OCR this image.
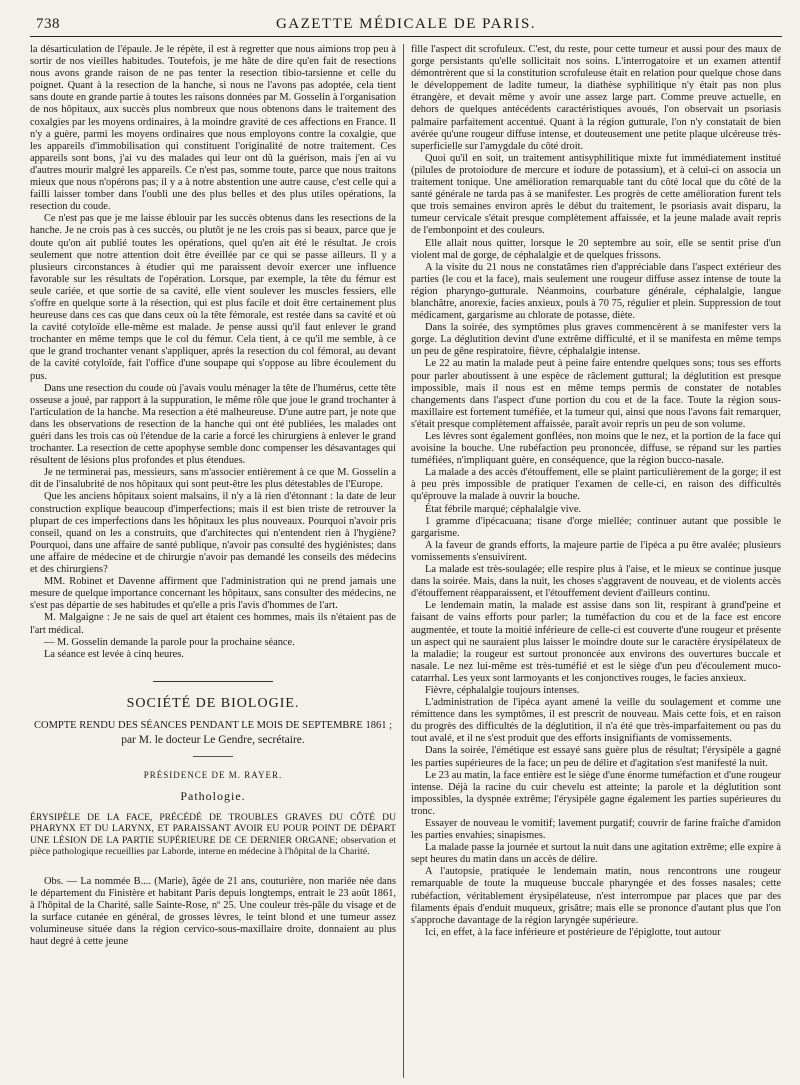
738	GAZETTE MÉDICALE DE PARIS.

la désarticulation de l'épaule. Je le répète, il est à regretter que nous aimions trop peu à sortir de nos vieilles habitudes. Toutefois, je me hâte de dire qu'en fait de resections nous avons grande raison de ne pas tenter la resection tibio-tarsienne et celle du poignet. Quant à la resection de la hanche, si nous ne l'avons pas adoptée, cela tient sans doute en grande partie à toutes les raisons données par M. Gosselin à l'organisation de nos hôpitaux, aux succès plus nombreux que nous obtenons dans le traitement des coxalgies par les moyens ordinaires, à la moindre gravité de ces affections en France. Il n'y a guère, parmi les moyens ordinaires que nous employons contre la coxalgie, que les appareils d'immobilisation qui constituent l'originalité de notre traitement. Ces appareils sont bons, j'ai vu des malades qui leur ont dû la guérison, mais j'en ai vu d'autres mourir malgré les appareils. Ce n'est pas, somme toute, parce que nous traitons mieux que nous n'opérons pas; il y a à notre abstention une autre cause, c'est celle qui a failli laisser tomber dans l'oubli une des plus belles et des plus utiles opérations, la resection du coude.

Ce n'est pas que je me laisse éblouir par les succès obtenus dans les resections de la hanche. Je ne crois pas à ces succès, ou plutôt je ne les crois pas si beaux, parce que je doute qu'on ait publié toutes les opérations, quel qu'en ait été le résultat. Je crois seulement que notre attention doit être éveillée par ce qui se passe ailleurs. Il y a plusieurs circonstances à étudier qui me paraissent devoir exercer une influence favorable sur les résultats de l'opération. Lorsque, par exemple, la tête du fémur est seule cariée, et que sortie de sa cavité, elle vient soulever les muscles fessiers, elle s'offre en quelque sorte à la résection, qui est plus facile et doit être certainement plus heureuse dans ces cas que dans ceux où la tête fémorale, est restée dans sa cavité et où la cavité cotyloïde elle-même est malade. Je pense aussi qu'il faut enlever le grand trochanter en même temps que le col du fémur. Cela tient, à ce qu'il me semble, à ce que le grand trochanter venant s'appliquer, après la resection du col fémoral, au devant de la cavité cotyloïde, fait l'office d'une soupape qui s'oppose au libre écoulement du pus.

Dans une resection du coude où j'avais voulu ménager la tête de l'humérus, cette tête osseuse a joué, par rapport à la suppuration, le même rôle que joue le grand trochanter à l'articulation de la hanche. Ma resection a été malheureuse. D'une autre part, je note que dans les observations de resection de la hanche qui ont été publiées, les malades ont guéri dans les trois cas où l'étendue de la carie a forcé les chirurgiens à enlever le grand trochanter. La resection de cette apophyse semble donc compenser les désavantages qui résultent de lésions plus profondes et plus étendues.

Je ne terminerai pas, messieurs, sans m'associer entièrement à ce que M. Gosselin a dit de l'insalubrité de nos hôpitaux qui sont peut-être les plus détestables de l'Europe.

Que les anciens hôpitaux soient malsains, il n'y a là rien d'étonnant : la date de leur construction explique beaucoup d'imperfections; mais il est bien triste de retrouver la plupart de ces imperfections dans les hôpitaux les plus nouveaux. Pourquoi n'avoir pris conseil, quand on les a construits, que d'architectes qui n'entendent rien à l'hygiène? Pourquoi, dans une affaire de santé publique, n'avoir pas consulté des hygiénistes; dans une affaire de médecine et de chirurgie n'avoir pas demandé les conseils des médecins et des chirurgiens?

MM. Robinet et Davenne affirment que l'administration qui ne prend jamais une mesure de quelque importance concernant les hôpitaux, sans consulter des médecins, ne s'est pas départie de ses habitudes et qu'elle a pris l'avis d'hommes de l'art.

M. Malgaigne : Je ne sais de quel art étaient ces hommes, mais ils n'étaient pas de l'art médical.

— M. Gosselin demande la parole pour la prochaine séance.

La séance est levée à cinq heures.

SOCIÉTÉ DE BIOLOGIE.

COMPTE RENDU DES SÉANCES PENDANT LE MOIS DE SEPTEMBRE 1861 ;

par M. le docteur Le Gendre, secrétaire.

PRÉSIDENCE DE M. RAYER.

Pathologie.

ÉRYSIPÈLE DE LA FACE, PRÉCÉDÉ DE TROUBLES GRAVES DU CÔTÉ DU PHARYNX ET DU LARYNX, ET PARAISSANT AVOIR EU POUR POINT DE DÉPART UNE LÉSION DE LA PARTIE SUPÉRIEURE DE CE DERNIER ORGANE; observation et pièce pathologique recueillies par Laborde, interne en médecine à l'hôpital de la Charité.

Obs. — La nommée B.... (Marie), âgée de 21 ans, couturière, non mariée née dans le département du Finistère et habitant Paris depuis longtemps, entrait le 23 août 1861, à l'hôpital de la Charité, salle Sainte-Rose, nº 25. Une couleur très-pâle du visage et de la surface cutanée en général, de grosses lèvres, le teint blond et une tumeur assez volumineuse située dans la région cervico-sous-maxillaire droite, donnaient au plus haut degré à cette jeune

fille l'aspect dit scrofuleux. C'est, du reste, pour cette tumeur et aussi pour des maux de gorge persistants qu'elle sollicitait nos soins. L'interrogatoire et un examen attentif démontrèrent que si la constitution scrofuleuse était en relation pour quelque chose dans le développement de ladite tumeur, la diathèse syphilitique n'y était pas non plus étrangère, et devait même y avoir une assez large part. Comme preuve actuelle, en dehors de quelques antécédents caractéristiques avoués, l'on observait un psoriasis palmaire parfaitement accentué. Quant à la région gutturale, l'on n'y constatait de bien avérée qu'une rougeur diffuse intense, et douteusement une petite plaque ulcéreuse très-superficielle sur l'amygdale du côté droit.

Quoi qu'il en soit, un traitement antisyphilitique mixte fut immédiatement institué (pilules de protoiodure de mercure et iodure de potassium), et à celui-ci on associa un traitement tonique. Une amélioration remarquable tant du côté local que du côté de la santé générale ne tarda pas à se manifester. Les progrès de cette amélioration furent tels que trois semaines environ après le début du traitement, le psoriasis avait disparu, la tumeur cervicale s'était presque complètement affaissée, et la jeune malade avait repris de l'embonpoint et des couleurs.

Elle allait nous quitter, lorsque le 20 septembre au soir, elle se sentit prise d'un violent mal de gorge, de céphalalgie et de quelques frissons.

A la visite du 21 nous ne constatâmes rien d'appréciable dans l'aspect extérieur des parties (le cou et la face), mais seulement une rougeur diffuse assez intense de toute la région pharyngo-gutturale. Néanmoins, courbature générale, céphalalgie, langue blanchâtre, anorexie, facies anxieux, pouls à 70 75, régulier et plein. Suppression de tout médicament, gargarisme au chlorate de potasse, diète.

Dans la soirée, des symptômes plus graves commencèrent à se manifester vers la gorge. La déglutition devint d'une extrême difficulté, et il se manifesta en même temps un peu de gêne respiratoire, fièvre, céphalalgie intense.

Le 22 au matin la malade peut à peine faire entendre quelques sons; tous ses efforts pour parler aboutissent à une espèce de râclement guttural; la déglutition est presque impossible, mais il nous est en même temps permis de constater de notables changements dans l'aspect d'une portion du cou et de la face. Toute la région sous-maxillaire est fortement tuméfiée, et la tumeur qui, ainsi que nous l'avons fait remarquer, s'était presque complètement affaissée, paraît avoir repris un peu de son volume.

Les lèvres sont également gonflées, non moins que le nez, et la portion de la face qui avoisine la bouche. Une rubéfaction peu prononcée, diffuse, se répand sur les parties tuméfiées, n'impliquant guère, en conséquence, que la région bucco-nasale.

La malade a des accès d'étouffement, elle se plaint particulièrement de la gorge; il est à peu près impossible de pratiquer l'examen de celle-ci, en raison des difficultés qu'éprouve la malade à ouvrir la bouche.

État fébrile marqué; céphalalgie vive.

1 gramme d'ipécacuana; tisane d'orge miellée; continuer autant que possible le gargarisme.

A la faveur de grands efforts, la majeure partie de l'ipéca a pu être avalée; plusieurs vomissements s'ensuivirent.

La malade est très-soulagée; elle respire plus à l'aise, et le mieux se continue jusque dans la soirée. Mais, dans la nuit, les choses s'aggravent de nouveau, et de violents accès d'étouffement réapparaissent, et l'étouffement devient d'ailleurs continu.

Le lendemain matin, la malade est assise dans son lit, respirant à grand'peine et faisant de vains efforts pour parler; la tuméfaction du cou et de la face est encore augmentée, et toute la moitié inférieure de celle-ci est couverte d'une rougeur et présente un aspect qui ne sauraient plus laisser le moindre doute sur le caractère érysipélateux de la maladie; la rougeur est surtout prononcée aux environs des ouvertures buccale et nasale. Le nez lui-même est très-tuméfié et est le siège d'un peu d'écoulement muco-catarrhal. Les yeux sont larmoyants et les conjonctives rouges, le facies anxieux.

Fièvre, céphalalgie toujours intenses.

L'administration de l'ipéca ayant amené la veille du soulagement et comme une rémittence dans les symptômes, il est prescrit de nouveau. Mais cette fois, et en raison du progrès des difficultés de la déglutition, il n'a été que très-imparfaitement ou pas du tout avalé, et il ne s'est produit que des efforts insignifiants de vomissements.

Dans la soirée, l'émétique est essayé sans guère plus de résultat; l'érysipèle a gagné les parties supérieures de la face; un peu de délire et d'agitation s'est manifesté la nuit.

Le 23 au matin, la face entière est le siège d'une énorme tuméfaction et d'une rougeur intense. Déjà la racine du cuir chevelu est atteinte; la parole et la déglutition sont impossibles, la dyspnée extrême; l'érysipèle gagne également les parties supérieures du tronc.

Essayer de nouveau le vomitif; lavement purgatif; couvrir de farine fraîche d'amidon les parties envahies; sinapismes.

La malade passe la journée et surtout la nuit dans une agitation extrême; elle expire à sept heures du matin dans un accès de délire.

A l'autopsie, pratiquée le lendemain matin, nous rencontrons une rougeur remarquable de toute la muqueuse buccale pharyngée et des fosses nasales; cette rubéfaction, véritablement érysipélateuse, n'est interrompue par places que par des filaments épais d'enduit muqueux, grisâtre; mais elle se prononce d'autant plus que l'on s'approche davantage de la région laryngée supérieure.

Ici, en effet, à la face inférieure et postérieure de l'épiglotte, tout autour
